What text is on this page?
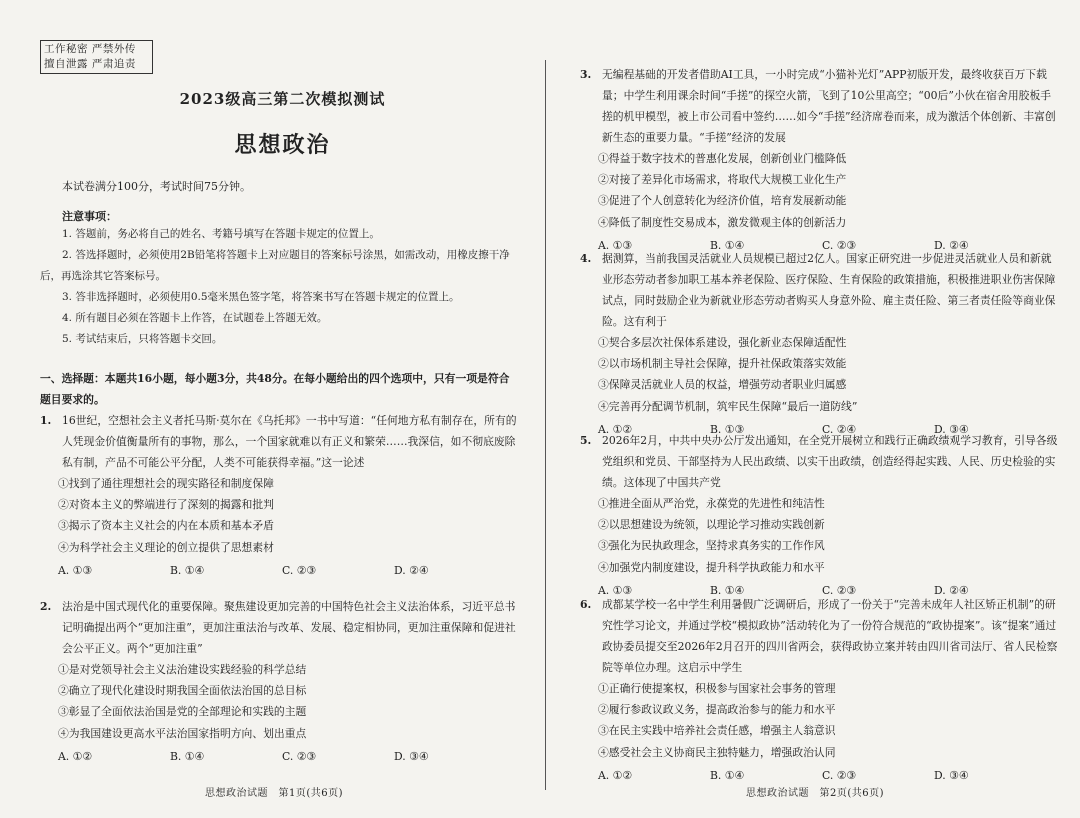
工作秘密 严禁外传
擅自泄露 严肃追责
2023级高三第二次模拟测试
思想政治
本试卷满分100分，考试时间75分钟。
注意事项：

1. 答题前，务必将自己的姓名、考籍号填写在答题卡规定的位置上。

2. 答选择题时，必须使用2B铅笔将答题卡上对应题目的答案标号涂黑，如需改动，用橡皮擦干净后，再选涂其它答案标号。

3. 答非选择题时，必须使用0.5毫米黑色签字笔，将答案书写在答题卡规定的位置上。

4. 所有题目必须在答题卡上作答，在试题卷上答题无效。

5. 考试结束后，只将答题卡交回。

一、选择题：本题共16小题，每小题3分，共48分。在每小题给出的四个选项中，只有一项是符合题目要求的。

1. 16世纪，空想社会主义者托马斯·莫尔在《乌托邦》一书中写道：“任何地方私有制存在，所有的人凭现金价值衡量所有的事物，那么，一个国家就难以有正义和繁荣……我深信，如不彻底废除私有制，产品不可能公平分配，人类不可能获得幸福。”这一论述

①找到了通往理想社会的现实路径和制度保障

②对资本主义的弊端进行了深刻的揭露和批判

③揭示了资本主义社会的内在本质和基本矛盾

④为科学社会主义理论的创立提供了思想素材

A. ①③	B. ①④	C. ②③	D. ②④

2. 法治是中国式现代化的重要保障。聚焦建设更加完善的中国特色社会主义法治体系，习近平总书记明确提出两个“更加注重”，更加注重法治与改革、发展、稳定相协同，更加注重保障和促进社会公平正义。两个“更加注重”

①是对党领导社会主义法治建设实践经验的科学总结

②确立了现代化建设时期我国全面依法治国的总目标

③彰显了全面依法治国是党的全部理论和实践的主题

④为我国建设更高水平法治国家指明方向、划出重点

A. ①②	B. ①④	C. ②③	D. ③④
思想政治试题　第1页(共6页)

3. 无编程基础的开发者借助AI工具，一小时完成“小猫补光灯”APP初版开发，最终收获百万下载量；中学生利用课余时间“手搓”的探空火箭，飞到了10公里高空；“00后”小伙在宿舍用胶板手搓的机甲模型，被上市公司看中签约……如今“手搓”经济席卷而来，成为激活个体创新、丰富创新生态的重要力量。“手搓”经济的发展

①得益于数字技术的普惠化发展，创新创业门槛降低

②对接了差异化市场需求，将取代大规模工业化生产

③促进了个人创意转化为经济价值，培育发展新动能

④降低了制度性交易成本，激发微观主体的创新活力

A. ①③	B. ①④	C. ②③	D. ②④

4. 据测算，当前我国灵活就业人员规模已超过2亿人。国家正研究进一步促进灵活就业人员和新就业形态劳动者参加职工基本养老保险、医疗保险、生育保险的政策措施，积极推进职业伤害保障试点，同时鼓励企业为新就业形态劳动者购买人身意外险、雇主责任险、第三者责任险等商业保险。这有利于

①契合多层次社保体系建设，强化新业态保障适配性

②以市场机制主导社会保障，提升社保政策落实效能

③保障灵活就业人员的权益，增强劳动者职业归属感

④完善再分配调节机制，筑牢民生保障“最后一道防线”

A. ①②	B. ①③	C. ②④	D. ③④

5. 2026年2月，中共中央办公厅发出通知，在全党开展树立和践行正确政绩观学习教育，引导各级党组织和党员、干部坚持为人民出政绩、以实干出政绩，创造经得起实践、人民、历史检验的实绩。这体现了中国共产党

①推进全面从严治党，永葆党的先进性和纯洁性

②以思想建设为统领，以理论学习推动实践创新

③强化为民执政理念，坚持求真务实的工作作风

④加强党内制度建设，提升科学执政能力和水平

A. ①③	B. ①④	C. ②③	D. ②④

6. 成都某学校一名中学生利用暑假广泛调研后，形成了一份关于“完善未成年人社区矫正机制”的研究性学习论文，并通过学校“模拟政协”活动转化为了一份符合规范的“政协提案”。该“提案”通过政协委员提交至2026年2月召开的四川省两会，获得政协立案并转由四川省司法厅、省人民检察院等单位办理。这启示中学生

①正确行使提案权，积极参与国家社会事务的管理

②履行参政议政义务，提高政治参与的能力和水平

③在民主实践中培养社会责任感，增强主人翁意识

④感受社会主义协商民主独特魅力，增强政治认同

A. ①②	B. ①④	C. ②③	D. ③④
思想政治试题　第2页(共6页)
